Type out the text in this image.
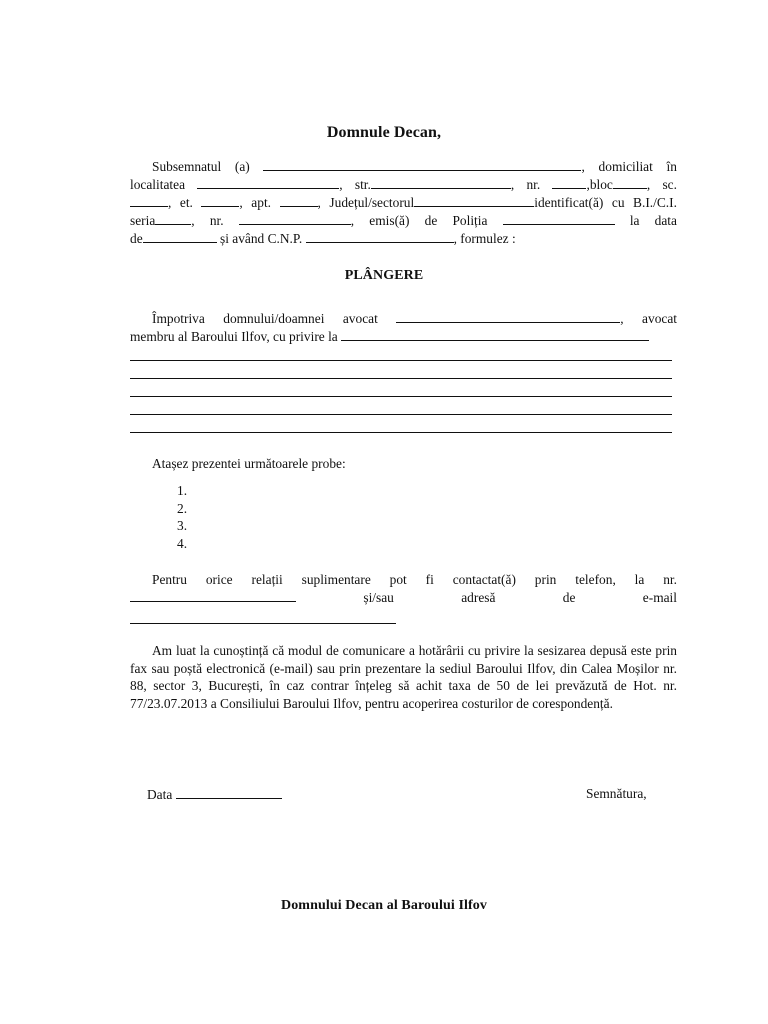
Domnule Decan,
Subsemnatul (a)	, domiciliat în
localitatea	, str.	, nr.	,bloc	, sc.
, et.	, apt.	, Județul/sectorul	identificat(ă) cu B.I./C.I.
seria	, nr.	, emis(ă) de Poliția	la data
de	și având C.N.P.	, formulez :
PLÂNGERE
Împotriva domnului/doamnei avocat	, avocat
membru al Baroului Ilfov, cu privire la
Atașez prezentei următoarele probe:
1.
2.
3.
4.
Pentru orice relații suplimentare pot fi contactat(ă) prin telefon, la nr.
și/sau	adresă	de	e-mail
Am luat la cunoștință că modul de comunicare a hotărârii cu privire la sesizarea depusă este prin fax sau poștă electronică (e-mail) sau prin prezentare la sediul Baroului Ilfov, din Calea Moșilor nr. 88, sector 3, București, în caz contrar înțeleg să achit taxa de 50 de lei prevăzută de Hot. nr. 77/23.07.2013 a Consiliului Baroului Ilfov, pentru acoperirea costurilor de corespondență.
Data	Semnătura,
Domnului Decan al Baroului Ilfov
